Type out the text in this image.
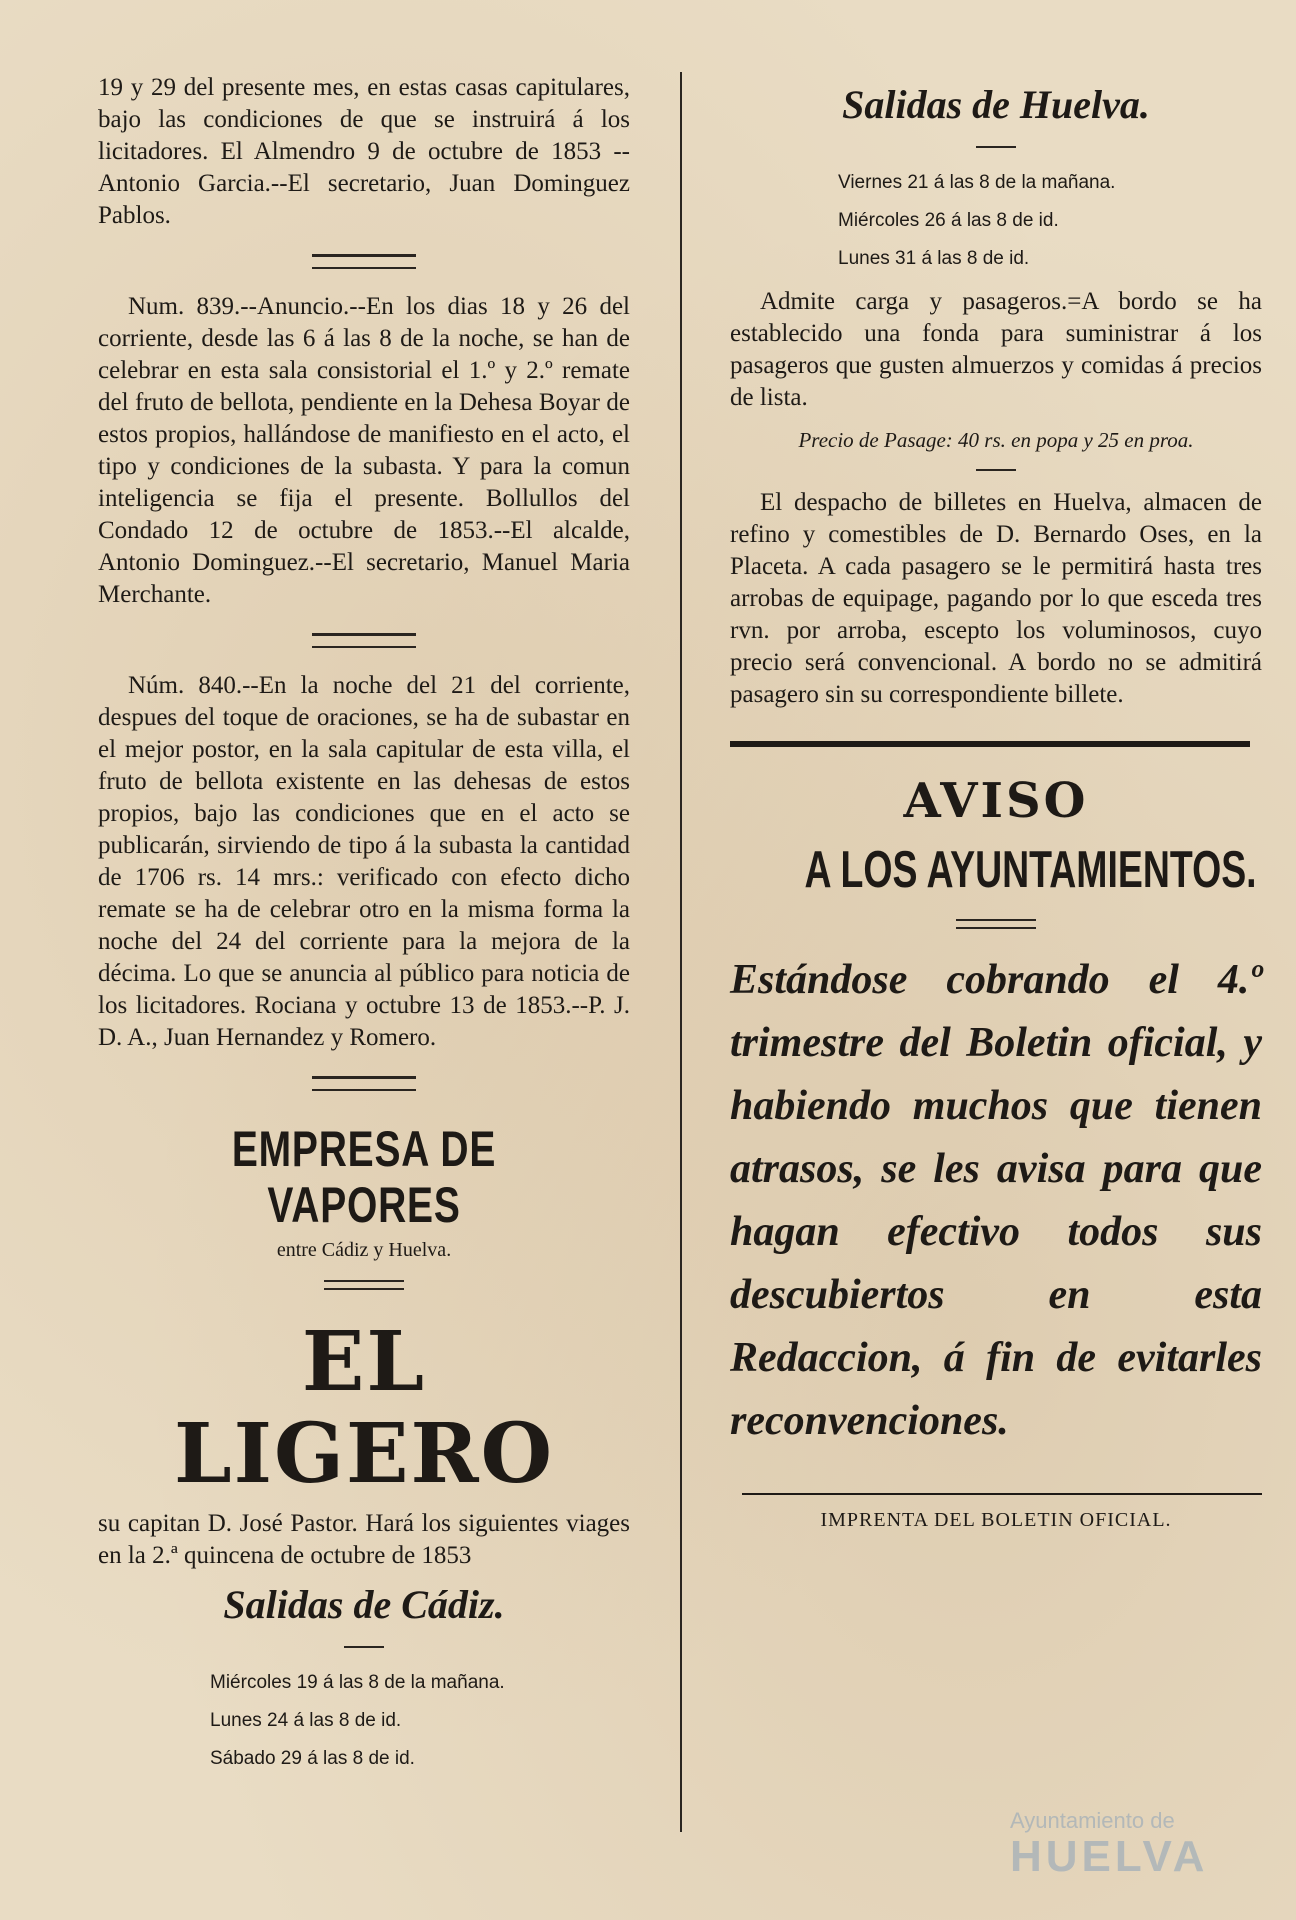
19 y 29 del presente mes, en estas casas capitulares, bajo las condiciones de que se instruirá á los licitadores. El Almendro 9 de octubre de 1853 --Antonio Garcia.--El secretario, Juan Dominguez Pablos.

Num. 839.--Anuncio.--En los dias 18 y 26 del corriente, desde las 6 á las 8 de la noche, se han de celebrar en esta sala consistorial el 1.º y 2.º remate del fruto de bellota, pendiente en la Dehesa Boyar de estos propios, hallándose de manifiesto en el acto, el tipo y condiciones de la subasta. Y para la comun inteligencia se fija el presente. Bollullos del Condado 12 de octubre de 1853.--El alcalde, Antonio Dominguez.--El secretario, Manuel Maria Merchante.

Núm. 840.--En la noche del 21 del corriente, despues del toque de oraciones, se ha de subastar en el mejor postor, en la sala capitular de esta villa, el fruto de bellota existente en las dehesas de estos propios, bajo las condiciones que en el acto se publicarán, sirviendo de tipo á la subasta la cantidad de 1706 rs. 14 mrs.: verificado con efecto dicho remate se ha de celebrar otro en la misma forma la noche del 24 del corriente para la mejora de la décima. Lo que se anuncia al público para noticia de los licitadores. Rociana y octubre 13 de 1853.--P. J. D. A., Juan Hernandez y Romero.

EMPRESA DE VAPORES
entre Cádiz y Huelva.
EL LIGERO

su capitan D. José Pastor. Hará los siguientes viages en la 2.ª quincena de octubre de 1853

Salidas de Cádiz.
Miércoles 19 á las 8 de la mañana.
Lunes 24 á las 8 de id.
Sábado 29 á las 8 de id.
Salidas de Huelva.
Viernes 21 á las 8 de la mañana.
Miércoles 26 á las 8 de id.
Lunes 31 á las 8 de id.

Admite carga y pasageros.=A bordo se ha establecido una fonda para suministrar á los pasageros que gusten almuerzos y comidas á precios de lista.

Precio de Pasage: 40 rs. en popa y 25 en proa.

El despacho de billetes en Huelva, almacen de refino y comestibles de D. Bernardo Oses, en la Placeta. A cada pasagero se le permitirá hasta tres arrobas de equipage, pagando por lo que esceda tres rvn. por arroba, escepto los voluminosos, cuyo precio será convencional. A bordo no se admitirá pasagero sin su correspondiente billete.

AVISO
A LOS AYUNTAMIENTOS.

Estándose cobrando el 4.º trimestre del Boletin oficial, y habiendo muchos que tienen atrasos, se les avisa para que hagan efectivo todos sus descubiertos en esta Redaccion, á fin de evitarles reconvenciones.

IMPRENTA DEL BOLETIN OFICIAL.
Ayuntamiento de
HUELVA
